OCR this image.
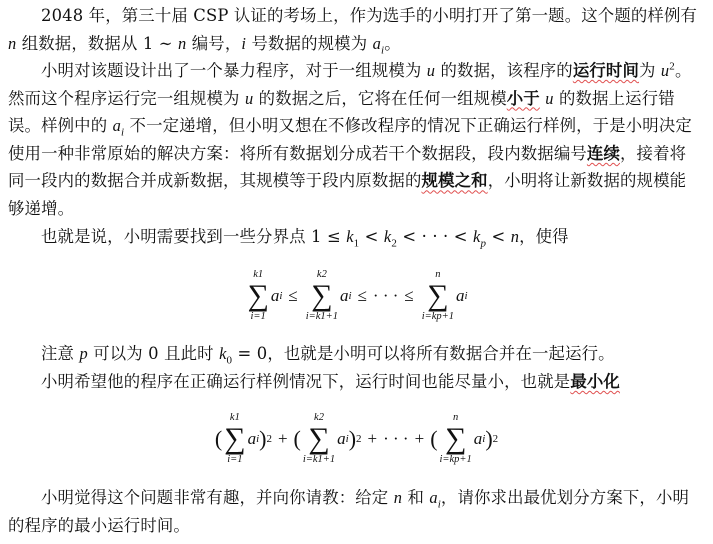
2048 年，第三十届 CSP 认证的考场上，作为选手的小明打开了第一题。这个题的样例有 n 组数据，数据从 1 ∼ n 编号，i 号数据的规模为 $a_i$。
小明对该题设计出了一个暴力程序，对于一组规模为 u 的数据，该程序的运行时间为 $u^2$。然而这个程序运行完一组规模为 u 的数据之后，它将在任何一组规模小于 u 的数据上运行错误。样例中的 $a_i$ 不一定递增，但小明又想在不修改程序的情况下正确运行样例，于是小明决定使用一种非常原始的解决方案：将所有数据划分成若干个数据段，段内数据编号连续，接着将同一段内的数据合并成新数据，其规模等于段内原数据的规模之和，小明将让新数据的规模能够递增。
也就是说，小明需要找到一些分界点 $1 \le k_1 < k_2$ < · · · < $k_p < n$，使得
k1
∑
i=1
a i ≤
k2
∑
i=k1+1
a i ≤ · · · ≤
n
∑
i=kp+1
a i
注意 p 可以为 0 且此时 $k_0 = 0$，也就是小明可以将所有数据合并在一起运行。
小明希望他的程序在正确运行样例情况下，运行时间也能尽量小，也就是最小化
(
k1
∑
i=1
a i ) 2 + (
k2
∑
i=k1+1
a i ) 2 + · · · + (
n
∑
i=kp+1
a i ) 2
小明觉得这个问题非常有趣，并向你请教：给定 n 和 $a_i$，请你求出最优划分方案下，小明的程序的最小运行时间。
